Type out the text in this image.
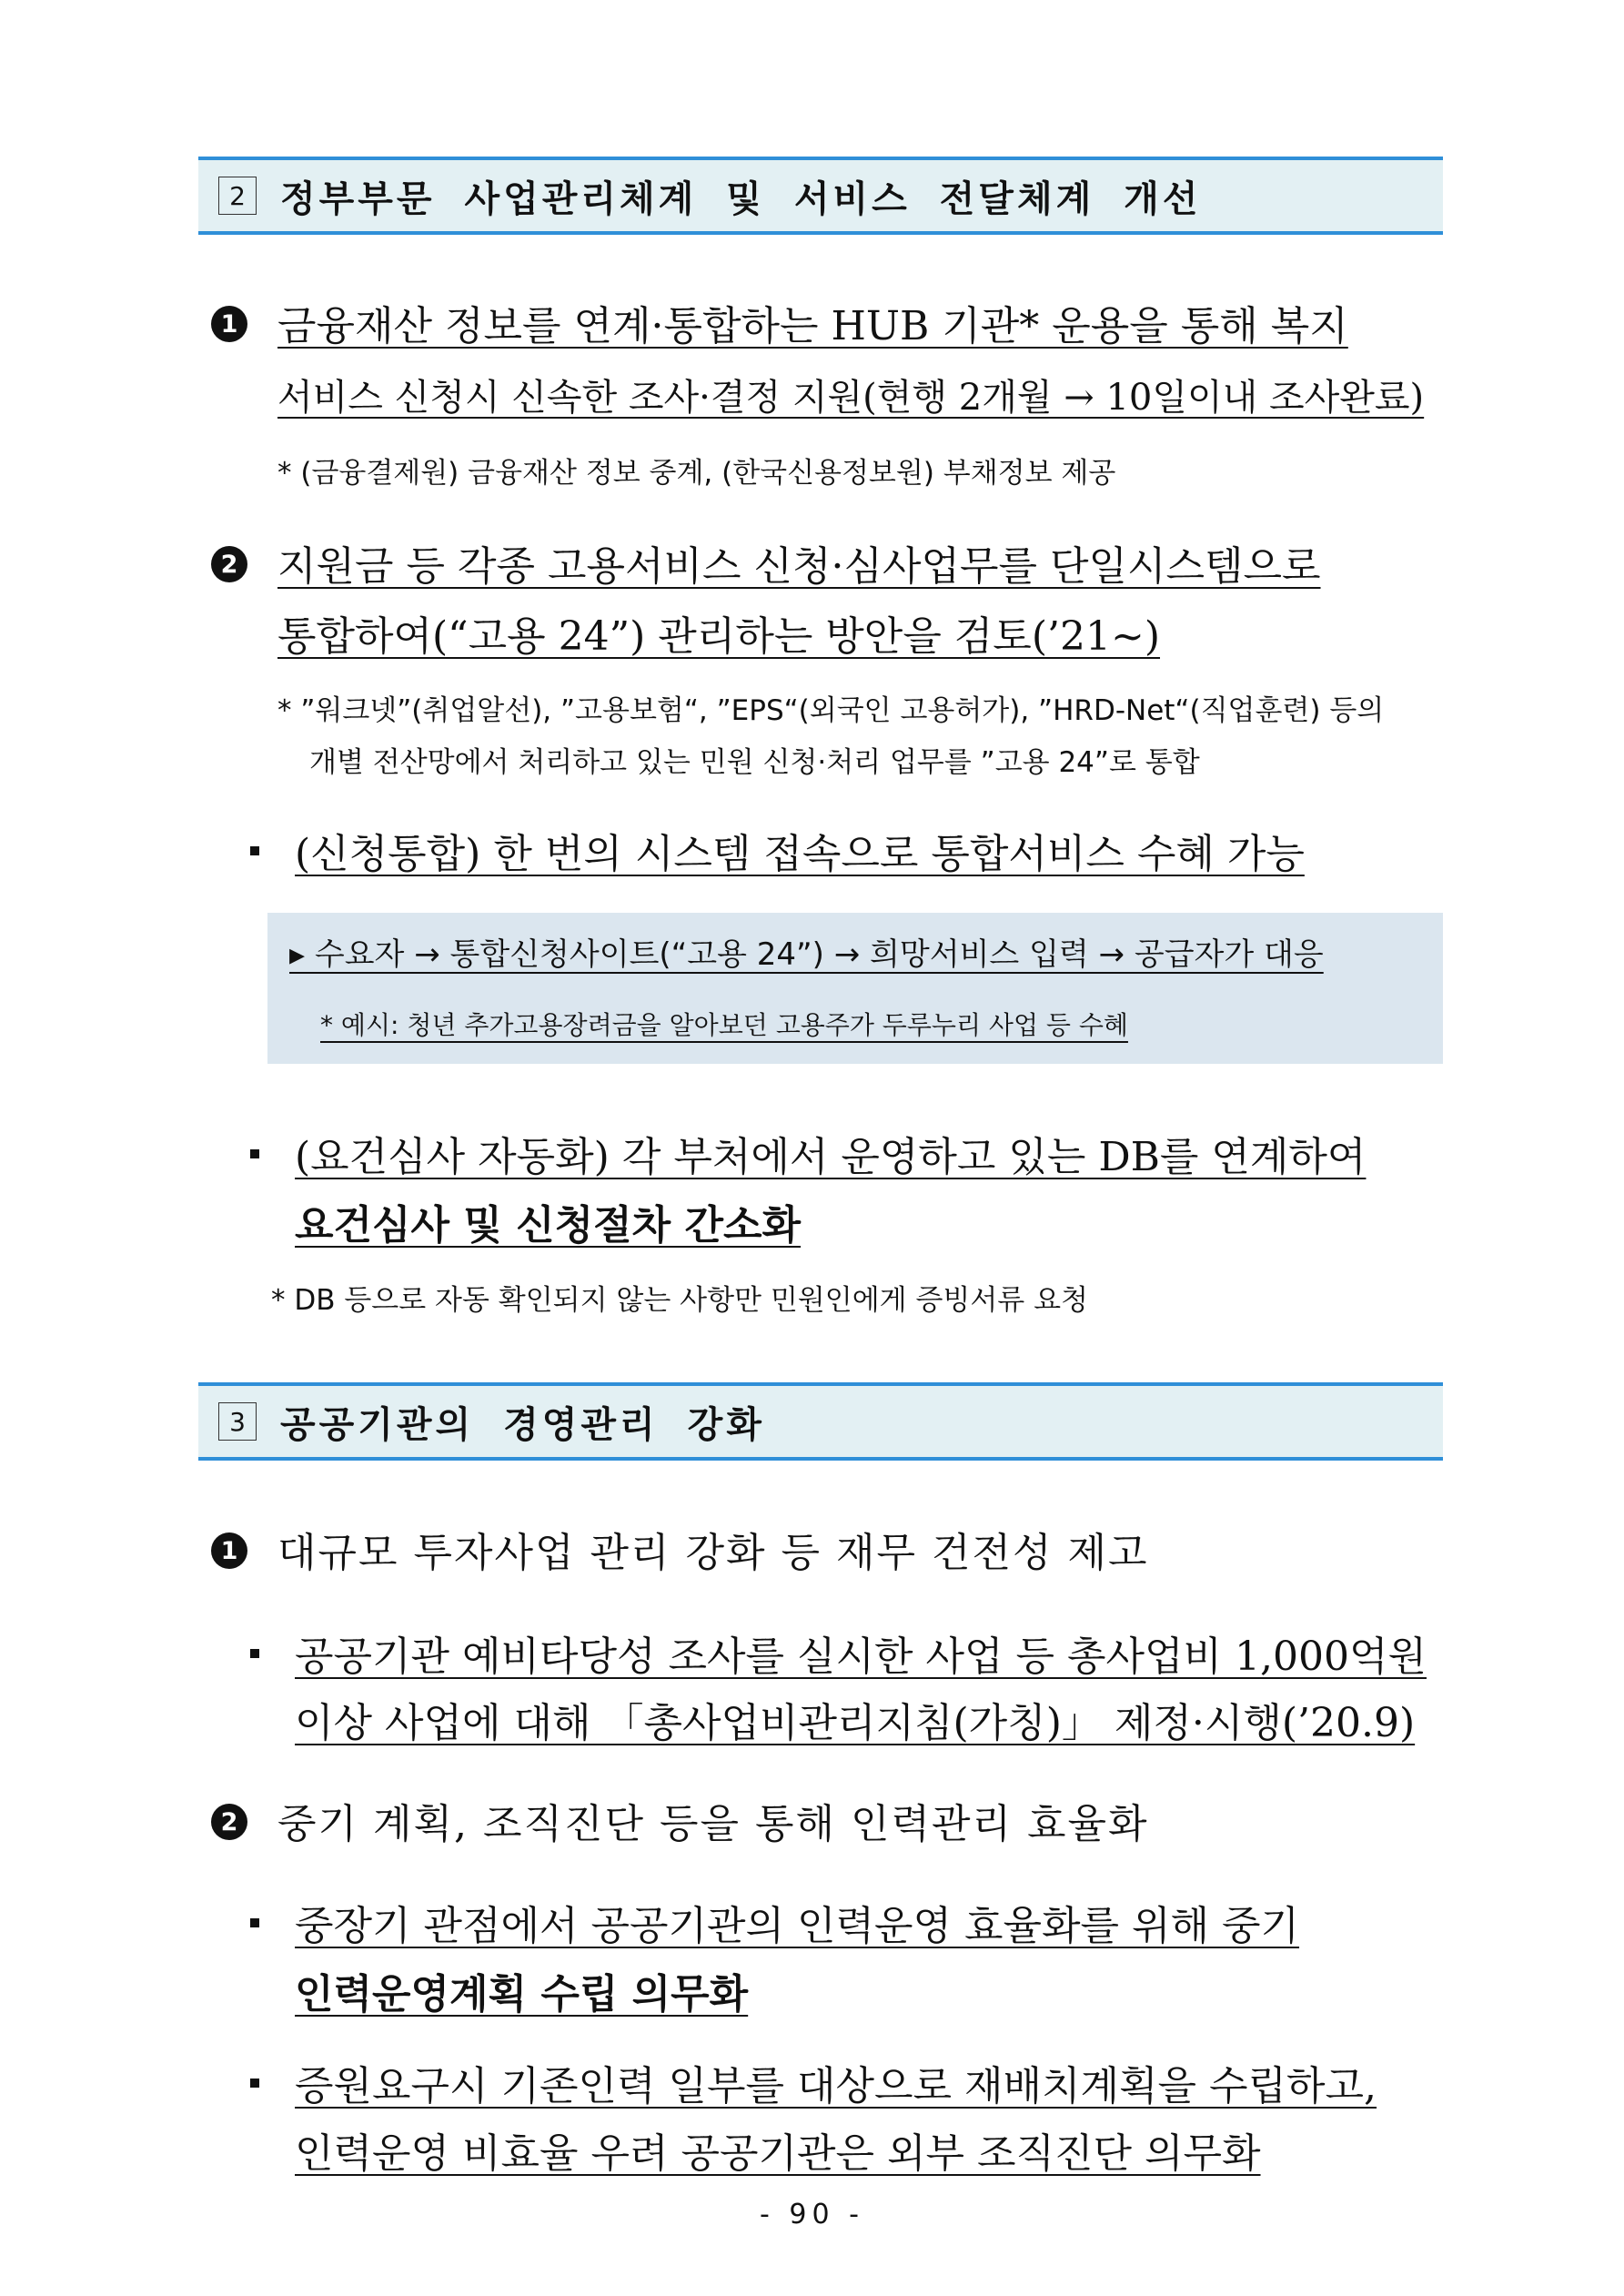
2 정부부문 사업관리체계 및 서비스 전달체계 개선
1 금융재산 정보를 연계·통합하는 HUB 기관* 운용을 통해 복지
서비스 신청시 신속한 조사·결정 지원(현행 2개월 → 10일이내 조사완료)
* (금융결제원) 금융재산 정보 중계, (한국신용정보원) 부채정보 제공
2 지원금 등 각종 고용서비스 신청·심사업무를 단일시스템으로
통합하여(“고용 24”) 관리하는 방안을 검토(’21~)
* ”워크넷”(취업알선), ”고용보험“, ”EPS“(외국인 고용허가), ”HRD-Net“(직업훈련) 등의
개별 전산망에서 처리하고 있는 민원 신청·처리 업무를 ”고용 24”로 통합
(신청통합) 한 번의 시스템 접속으로 통합서비스 수혜 가능
▸ 수요자 → 통합신청사이트(“고용 24”) → 희망서비스 입력 → 공급자가 대응
* 예시: 청년 추가고용장려금을 알아보던 고용주가 두루누리 사업 등 수혜
(요건심사 자동화) 각 부처에서 운영하고 있는 DB를 연계하여
요건심사 및 신청절차 간소화
* DB 등으로 자동 확인되지 않는 사항만 민원인에게 증빙서류 요청
3 공공기관의 경영관리 강화
1 대규모 투자사업 관리 강화 등 재무 건전성 제고
공공기관 예비타당성 조사를 실시한 사업 등 총사업비 1,000억원
이상 사업에 대해 「총사업비관리지침(가칭)」 제정·시행(’20.9)
2 중기 계획, 조직진단 등을 통해 인력관리 효율화
중장기 관점에서 공공기관의 인력운영 효율화를 위해 중기
인력운영계획 수립 의무화
증원요구시 기존인력 일부를 대상으로 재배치계획을 수립하고,
인력운영 비효율 우려 공공기관은 외부 조직진단 의무화
- 90 -
